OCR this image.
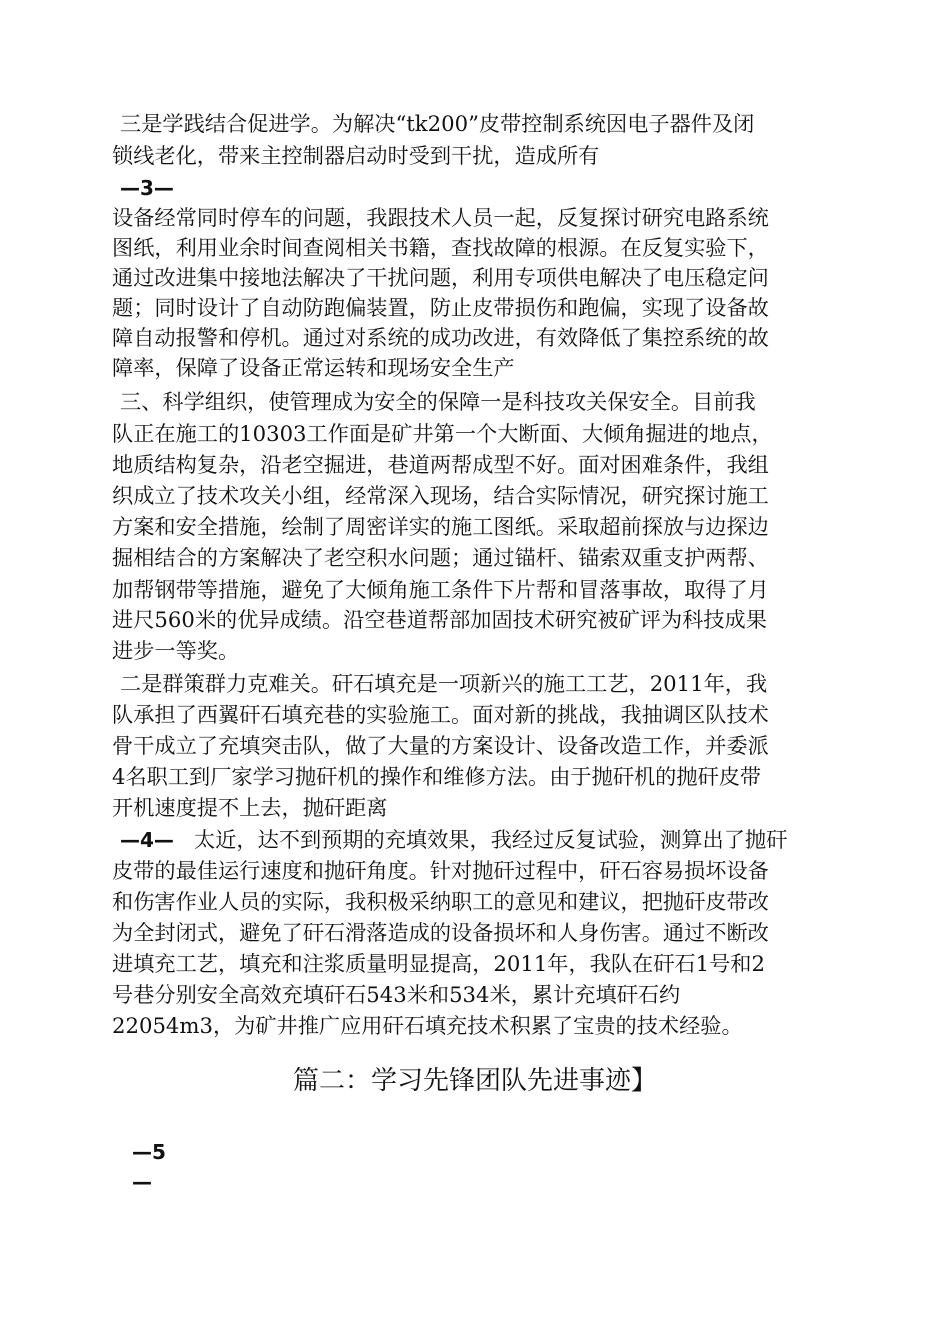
三是学践结合促进学。为解决“tk200”皮带控制系统因电子器件及闭
锁线老化，带来主控制器启动时受到干扰，造成所有
—3—
设备经常同时停车的问题，我跟技术人员一起，反复探讨研究电路系统
图纸，利用业余时间查阅相关书籍，查找故障的根源。在反复实验下，
通过改进集中接地法解决了干扰问题，利用专项供电解决了电压稳定问
题；同时设计了自动防跑偏装置，防止皮带损伤和跑偏，实现了设备故
障自动报警和停机。通过对系统的成功改进，有效降低了集控系统的故
障率，保障了设备正常运转和现场安全生产
三、科学组织，使管理成为安全的保障一是科技攻关保安全。目前我
队正在施工的10303工作面是矿井第一个大断面、大倾角掘进的地点，
地质结构复杂，沿老空掘进，巷道两帮成型不好。面对困难条件，我组
织成立了技术攻关小组，经常深入现场，结合实际情况，研究探讨施工
方案和安全措施，绘制了周密详实的施工图纸。采取超前探放与边探边
掘相结合的方案解决了老空积水问题；通过锚杆、锚索双重支护两帮、
加帮钢带等措施，避免了大倾角施工条件下片帮和冒落事故，取得了月
进尺560米的优异成绩。沿空巷道帮部加固技术研究被矿评为科技成果
进步一等奖。
二是群策群力克难关。矸石填充是一项新兴的施工工艺，2011年，我
队承担了西翼矸石填充巷的实验施工。面对新的挑战，我抽调区队技术
骨干成立了充填突击队，做了大量的方案设计、设备改造工作，并委派
4名职工到厂家学习抛矸机的操作和维修方法。由于抛矸机的抛矸皮带
开机速度提不上去，抛矸距离
—4— 太近，达不到预期的充填效果，我经过反复试验，测算出了抛矸
皮带的最佳运行速度和抛矸角度。针对抛矸过程中，矸石容易损坏设备
和伤害作业人员的实际，我积极采纳职工的意见和建议，把抛矸皮带改
为全封闭式，避免了矸石滑落造成的设备损坏和人身伤害。通过不断改
进填充工艺，填充和注浆质量明显提高，2011年，我队在矸石1号和2
号巷分别安全高效充填矸石543米和534米，累计充填矸石约
22054m3，为矿井推广应用矸石填充技术积累了宝贵的技术经验。
篇二：学习先锋团队先进事迹】
—5
—
